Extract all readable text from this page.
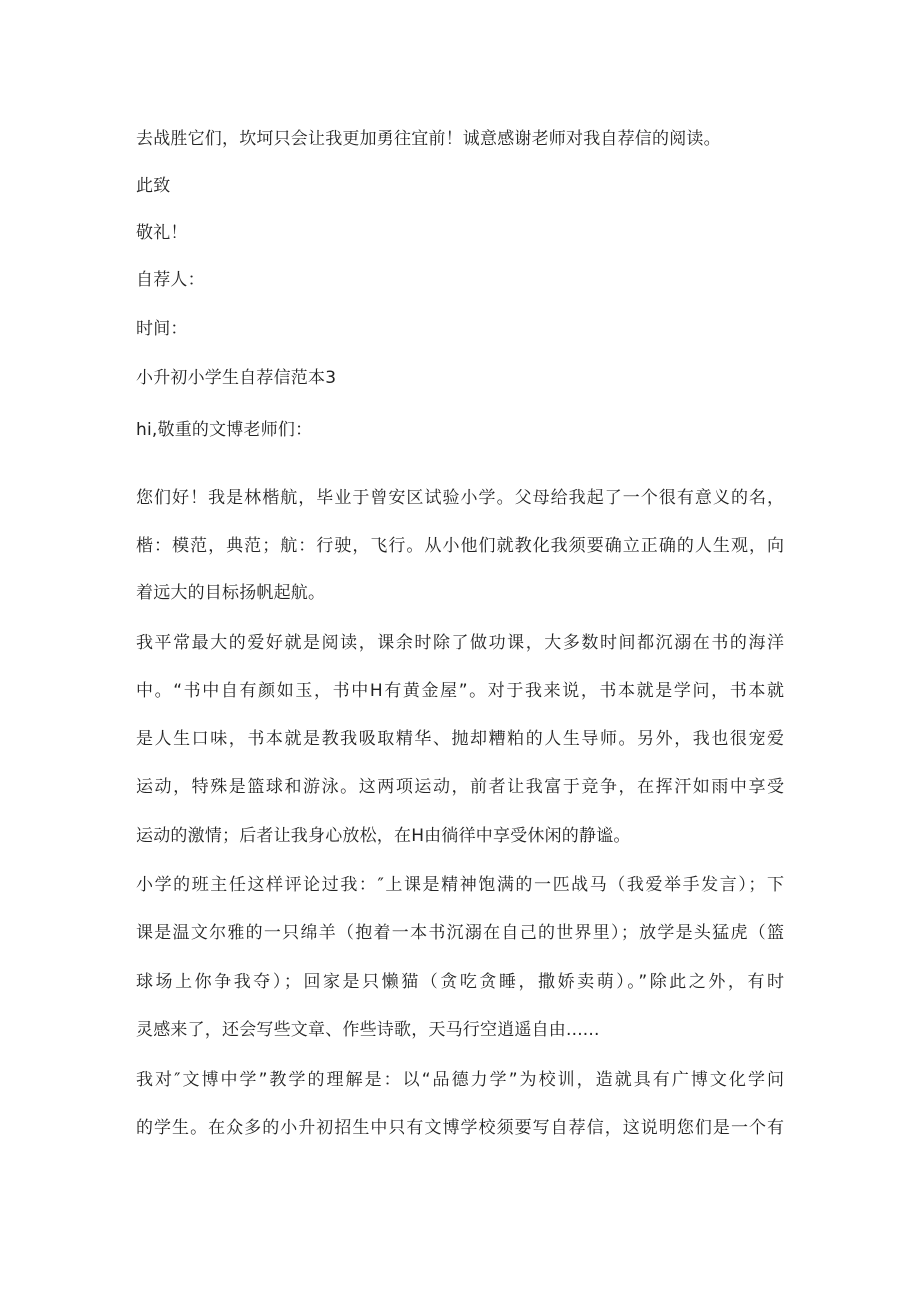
去战胜它们，坎坷只会让我更加勇往宜前！诚意感谢老师对我自荐信的阅读。
此致
敬礼！
自荐人：
时间：
小升初小学生自荐信范本3
hi,敬重的文博老师们：
您们好！我是林楷航，毕业于曾安区试验小学。父母给我起了一个很有意义的名，
楷：模范，典范；航：行驶，飞行。从小他们就教化我须要确立正确的人生观，向
着远大的目标扬帆起航。
我平常最大的爱好就是阅读，课余时除了做功课，大多数时间都沉溺在书的海洋
中。“书中自有颜如玉，书中H有黄金屋”。对于我来说，书本就是学问，书本就
是人生口味，书本就是教我吸取精华、抛却糟粕的人生导师。另外，我也很宠爱
运动，特殊是篮球和游泳。这两项运动，前者让我富于竞争，在挥汗如雨中享受
运动的激情；后者让我身心放松，在H由徜徉中享受休闲的静谧。
小学的班主任这样评论过我：″上课是精神饱满的一匹战马（我爱举手发言）；下
课是温文尔雅的一只绵羊（抱着一本书沉溺在自己的世界里）；放学是头猛虎（篮
球场上你争我夺）；回家是只懒猫（贪吃贪睡，撒娇卖萌）。”除此之外，有时
灵感来了，还会写些文章、作些诗歌，天马行空逍遥自由......
我对″文博中学”教学的理解是：以“品德力学”为校训，造就具有广博文化学问
的学生。在众多的小升初招生中只有文博学校须要写自荐信，这说明您们是一个有
